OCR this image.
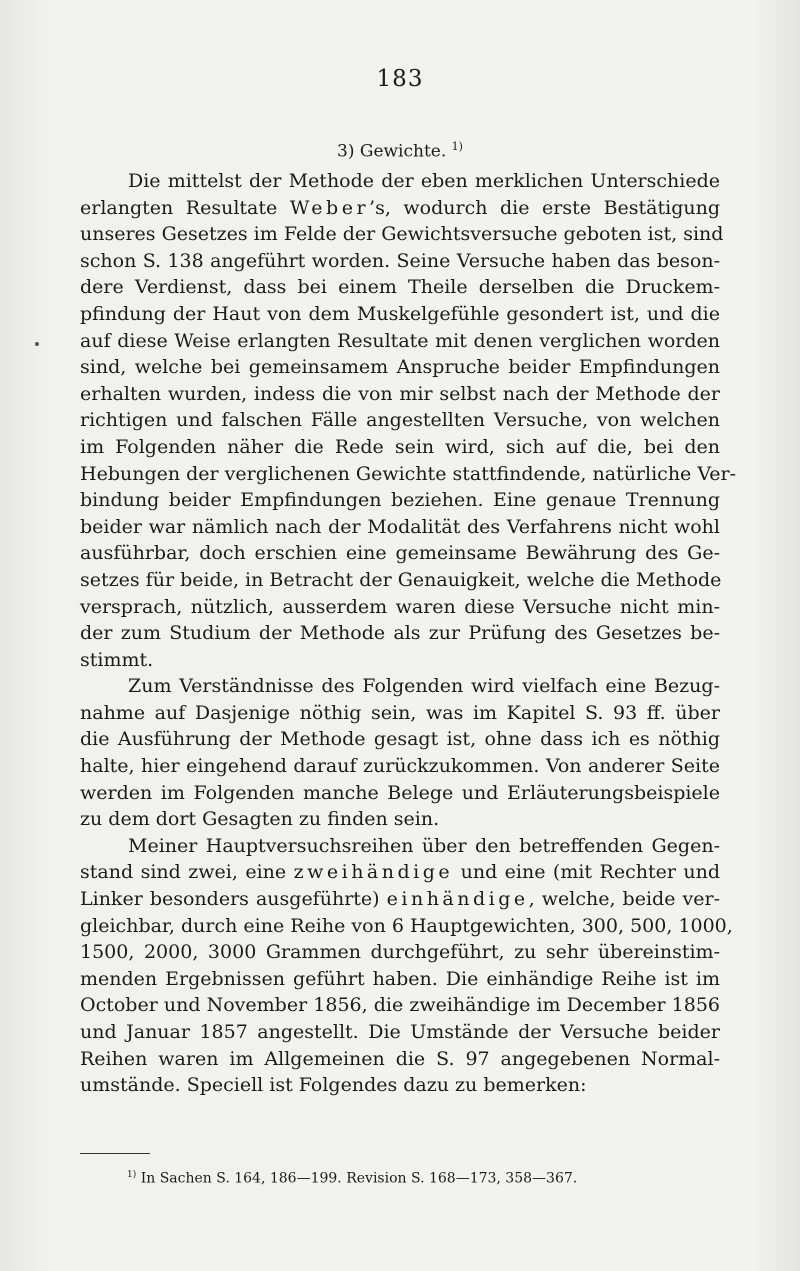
183
3) Gewichte. $^{1)}$
Die mittelst der Methode der eben merklichen Unterschiede
erlangten Resultate Weber’s, wodurch die erste Bestätigung
unseres Gesetzes im Felde der Gewichtsversuche geboten ist, sind
schon S. 138 angeführt worden. Seine Versuche haben das beson-
dere Verdienst, dass bei einem Theile derselben die Druckem-
pfindung der Haut von dem Muskelgefühle gesondert ist, und die
auf diese Weise erlangten Resultate mit denen verglichen worden
sind, welche bei gemeinsamem Anspruche beider Empfindungen
erhalten wurden, indess die von mir selbst nach der Methode der
richtigen und falschen Fälle angestellten Versuche, von welchen
im Folgenden näher die Rede sein wird, sich auf die, bei den
Hebungen der verglichenen Gewichte stattfindende, natürliche Ver-
bindung beider Empfindungen beziehen. Eine genaue Trennung
beider war nämlich nach der Modalität des Verfahrens nicht wohl
ausführbar, doch erschien eine gemeinsame Bewährung des Ge-
setzes für beide, in Betracht der Genauigkeit, welche die Methode
versprach, nützlich, ausserdem waren diese Versuche nicht min-
der zum Studium der Methode als zur Prüfung des Gesetzes be-
stimmt.
Zum Verständnisse des Folgenden wird vielfach eine Bezug-
nahme auf Dasjenige nöthig sein, was im Kapitel S. 93 ff. über
die Ausführung der Methode gesagt ist, ohne dass ich es nöthig
halte, hier eingehend darauf zurückzukommen. Von anderer Seite
werden im Folgenden manche Belege und Erläuterungsbeispiele
zu dem dort Gesagten zu finden sein.
Meiner Hauptversuchsreihen über den betreffenden Gegen-
stand sind zwei, eine zweihändige und eine (mit Rechter und
Linker besonders ausgeführte) einhändige, welche, beide ver-
gleichbar, durch eine Reihe von 6 Hauptgewichten, 300, 500, 1000,
1500, 2000, 3000 Grammen durchgeführt, zu sehr übereinstim-
menden Ergebnissen geführt haben. Die einhändige Reihe ist im
October und November 1856, die zweihändige im December 1856
und Januar 1857 angestellt. Die Umstände der Versuche beider
Reihen waren im Allgemeinen die S. 97 angegebenen Normal-
umstände. Speciell ist Folgendes dazu zu bemerken:
$^{1)}$ In Sachen S. 164, 186—199. Revision S. 168—173, 358—367.
